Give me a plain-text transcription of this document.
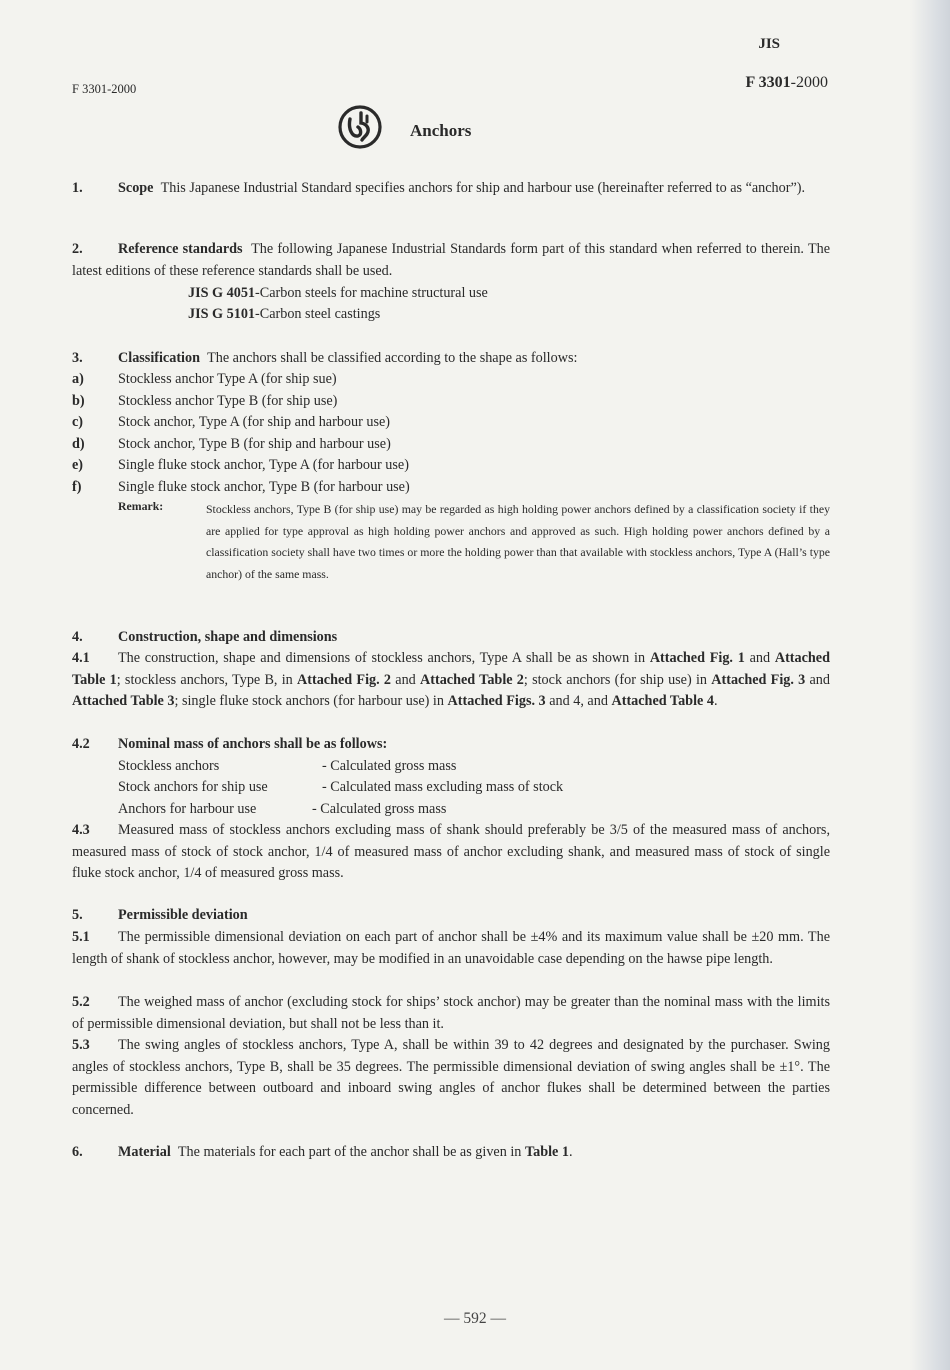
JIS
F 3301-2000
F 3301-2000
Anchors
1. Scope This Japanese Industrial Standard specifies anchors for ship and harbour use (hereinafter referred to as “anchor”).
2. Reference standards The following Japanese Industrial Standards form part of this standard when referred to therein. The latest editions of these reference standards shall be used.
JIS G 4051-Carbon steels for machine structural use
JIS G 5101-Carbon steel castings
3. Classification The anchors shall be classified according to the shape as follows:
a) Stockless anchor Type A (for ship sue)
b) Stockless anchor Type B (for ship use)
c) Stock anchor, Type A (for ship and harbour use)
d) Stock anchor, Type B (for ship and harbour use)
e) Single fluke stock anchor, Type A (for harbour use)
f)	Single fluke stock anchor, Type B (for harbour use)
Remark:	Stockless anchors, Type B (for ship use) may be regarded as high holding power anchors defined by a classification society if they are applied for type approval as high holding power anchors and approved as such. High holding power anchors defined by a classification society shall have two times or more the holding power than that available with stockless anchors, Type A (Hall’s type anchor) of the same mass.
4. Construction, shape and dimensions
4.1 The construction, shape and dimensions of stockless anchors, Type A shall be as shown in Attached Fig. 1 and Attached Table 1; stockless anchors, Type B, in Attached Fig. 2 and Attached Table 2; stock anchors (for ship use) in Attached Fig. 3 and Attached Table 3; single fluke stock anchors (for harbour use) in Attached Figs. 3 and 4, and Attached Table 4.
4.2 Nominal mass of anchors shall be as follows:
Stockless anchors	- Calculated gross mass
Stock anchors for ship use	- Calculated mass excluding mass of stock
Anchors for harbour use	- Calculated gross mass
4.3 Measured mass of stockless anchors excluding mass of shank should preferably be 3/5 of the measured mass of anchors, measured mass of stock of stock anchor, 1/4 of measured mass of anchor excluding shank, and measured mass of stock of single fluke stock anchor, 1/4 of measured gross mass.
5. Permissible deviation
5.1 The permissible dimensional deviation on each part of anchor shall be ±4% and its maximum value shall be ±20 mm. The length of shank of stockless anchor, however, may be modified in an unavoidable case depending on the hawse pipe length.
5.2 The weighed mass of anchor (excluding stock for ships’ stock anchor) may be greater than the nominal mass with the limits of permissible dimensional deviation, but shall not be less than it.
5.3 The swing angles of stockless anchors, Type A, shall be within 39 to 42 degrees and designated by the purchaser. Swing angles of stockless anchors, Type B, shall be 35 degrees. The permissible dimensional deviation of swing angles shall be ±1°. The permissible difference between outboard and inboard swing angles of anchor flukes shall be determined between the parties concerned.
6. Material The materials for each part of the anchor shall be as given in Table 1.
— 592 —
